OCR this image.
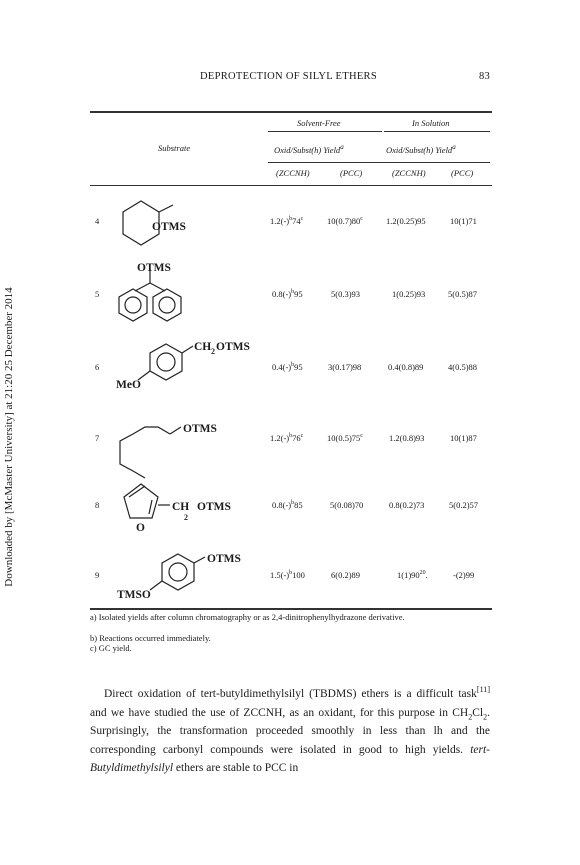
DEPROTECTION OF SILYL ETHERS	83
Downloaded by [McMaster University] at 21:20 25 December 2014
Solvent-Free	In Solution
Substrate	Oxid/Subst(h) Yield$^a$	Oxid/Subst(h) Yield$^a$
(ZCCNH)	(PCC)	(ZCCNH)	(PCC)
OTMS
OTMS
CH 2 OTMS
MeO
OTMS
CH
2
OTMS
O
OTMS
TMSO
4	$1.2(-)^b74^c$	10(0.7)80$^c$	1.2(0.25)95	10(1)71
5	$0.8(-)^b95$	5(0.3)93	1(0.25)93	5(0.5)87
6	$0.4(-)^b95$	3(0.17)98	0.4(0.8)89	4(0.5)88
7	$1.2(-)^b76^c$	10(0.5)75$^c$	1.2(0.8)93	10(1)87
8	$0.8(-)^b85$	5(0.08)70	0.8(0.2)73	5(0.2)57
9	$1.5(-)^b100$	6(0.2)89	$1(1)90^{20}$.	-(2)99
a) Isolated yields after column chromatography or as 2,4-dinitrophenylhydrazone derivative.
b) Reactions occurred immediately.
c) GC yield.
Direct oxidation of tert-butyldimethylsilyl (TBDMS) ethers is a difficult task[11] and we have studied the use of ZCCNH, as an oxidant, for this purpose in $CH_2Cl_2$. Surprisingly, the transformation proceeded smoothly in less than lh and the corresponding carbonyl compounds were isolated in good to high yields. tert-Butyldimethylsilyl ethers are stable to PCC in
